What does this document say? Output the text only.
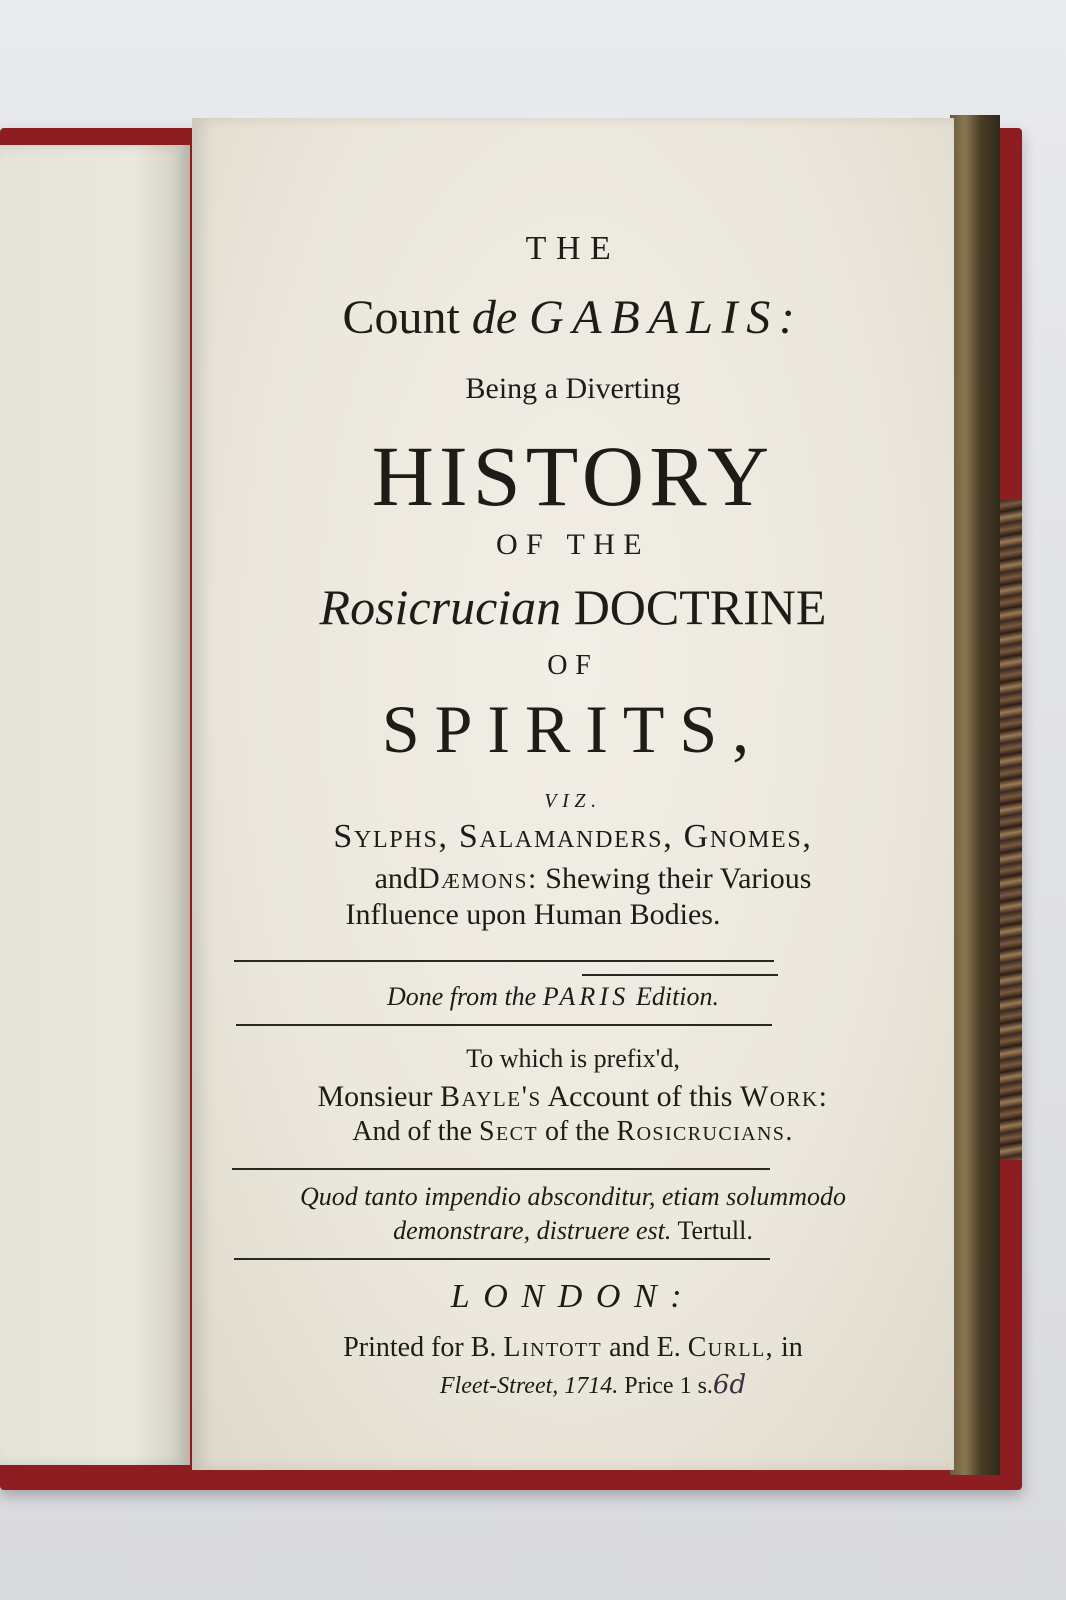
THE
Count de GABALIS:
Being a Diverting
HISTORY
OF THE
Rosicrucian DOCTRINE
OF
SPIRITS,
VIZ.
Sylphs, Salamanders, Gnomes,
andDæmons: Shewing their Various
Influence upon Human Bodies.
Done from the PARIS Edition.
To which is prefix'd,
Monsieur Bayle's Account of this Work:
And of the Sect of the Rosicrucians.
Quod tanto impendio absconditur, etiam solummodo
demonstrare, distruere est. Tertull.
LONDON:
Printed for B. Lintott and E. Curll, in
Fleet-Street, 1714. Price 1 s.6d
